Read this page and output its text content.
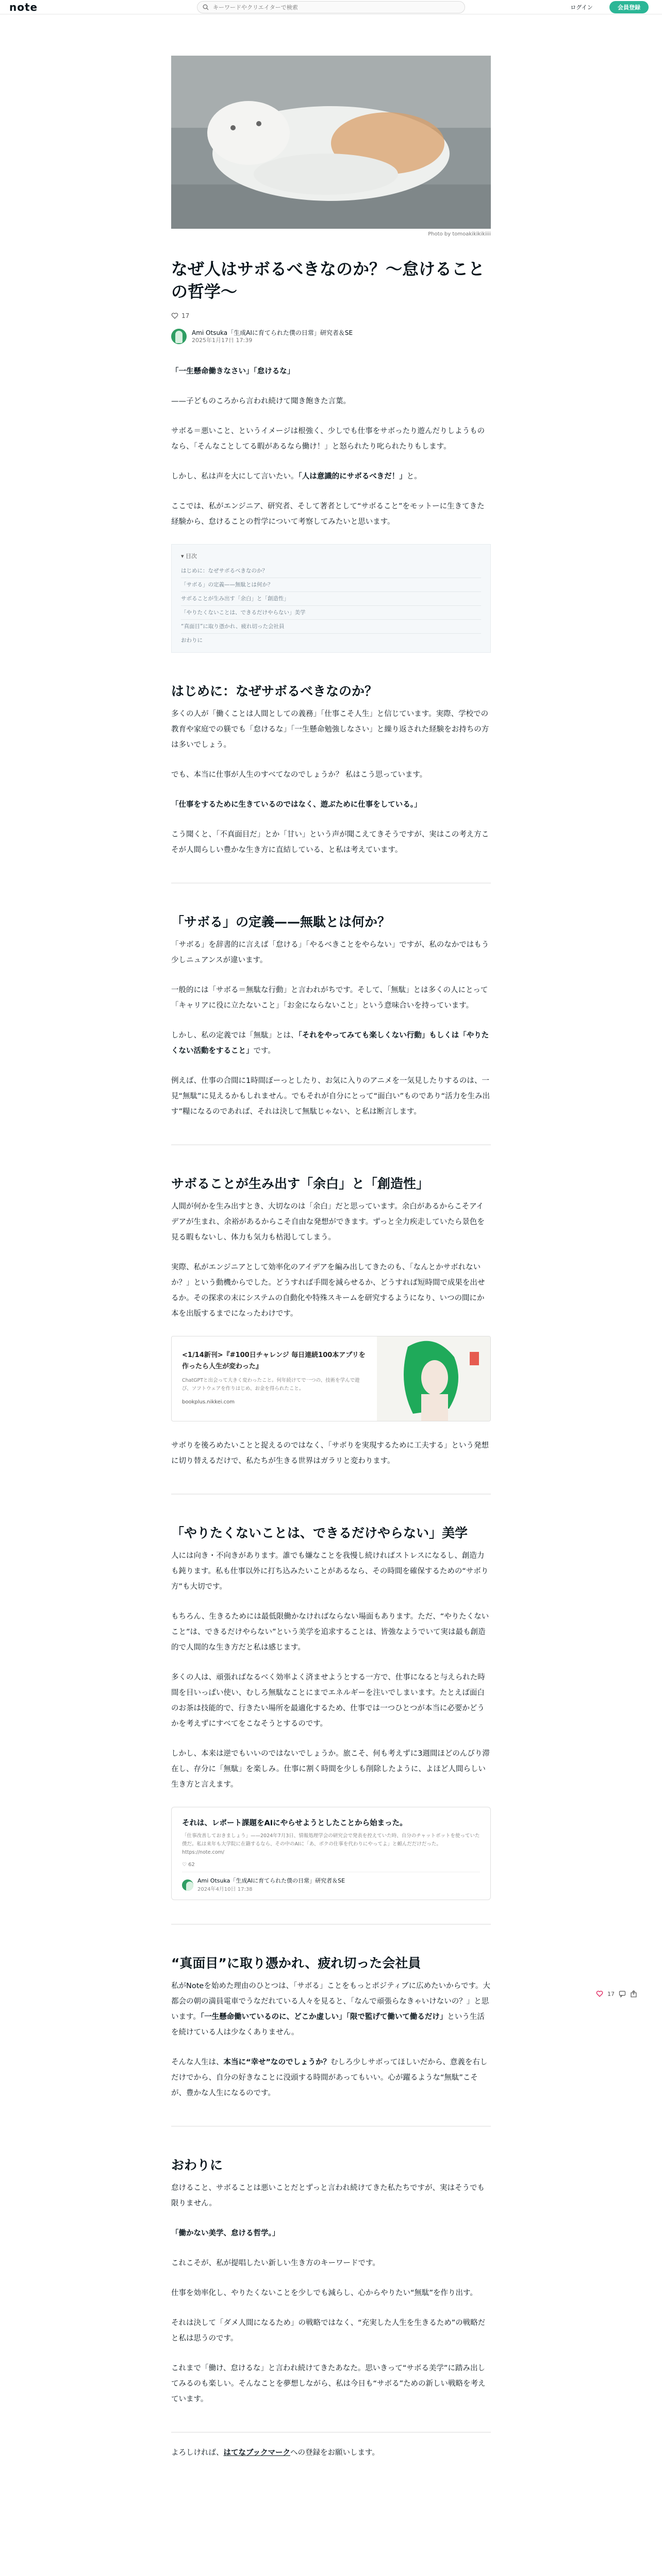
note
キーワードやクリエイターで検索	ログイン	会員登録
Photo by tomoakikikikiiii
なぜ人はサボるべきなのか？〜怠けることの哲学〜
17
Ami Otsuka「生成AIに育てられた僕の日常」研究者＆SE
2025年1月17日 17:39

「一生懸命働きなさい」「怠けるな」

——子どものころから言われ続けて聞き飽きた言葉。

サボる＝悪いこと、というイメージは根強く、少しでも仕事をサボったり遊んだりしようものなら、「そんなことしてる暇があるなら働け！」と怒られたり叱られたりもします。

しかし、私は声を大にして言いたい。「人は意識的にサボるべきだ！」と。

ここでは、私がエンジニア、研究者、そして著者として“サボること”をモットーに生きてきた経験から、怠けることの哲学について考察してみたいと思います。

▾ 目次
はじめに：なぜサボるべきなのか？
「サボる」の定義——無駄とは何か？
サボることが生み出す「余白」と「創造性」
「やりたくないことは、できるだけやらない」美学
“真面目”に取り憑かれ、疲れ切った会社員
おわりに
はじめに：なぜサボるべきなのか？

多くの人が「働くことは人間としての義務」「仕事こそ人生」と信じています。実際、学校での教育や家庭での躾でも「怠けるな」「一生懸命勉強しなさい」と繰り返された経験をお持ちの方は多いでしょう。

でも、本当に仕事が人生のすべてなのでしょうか？ 私はこう思っています。

「仕事をするために生きているのではなく、遊ぶために仕事をしている。」

こう聞くと、「不真面目だ」とか「甘い」という声が聞こえてきそうですが、実はこの考え方こそが人間らしい豊かな生き方に直結している、と私は考えています。

「サボる」の定義——無駄とは何か？

「サボる」を辞書的に言えば「怠ける」「やるべきことをやらない」ですが、私のなかではもう少しニュアンスが違います。

一般的には「サボる＝無駄な行動」と言われがちです。そして、「無駄」とは多くの人にとって「キャリアに役に立たないこと」「お金にならないこと」という意味合いを持っています。

しかし、私の定義では「無駄」とは、「それをやってみても楽しくない行動」もしくは「やりたくない活動をすること」です。

例えば、仕事の合間に1時間ぼーっとしたり、お気に入りのアニメを一気見したりするのは、一見“無駄”に見えるかもしれません。でもそれが自分にとって“面白い”ものであり“活力を生み出す”糧になるのであれば、それは決して無駄じゃない、と私は断言します。

サボることが生み出す「余白」と「創造性」

人間が何かを生み出すとき、大切なのは「余白」だと思っています。余白があるからこそアイデアが生まれ、余裕があるからこそ自由な発想ができます。ずっと全力疾走していたら景色を見る暇もないし、体力も気力も枯渇してしまう。

実際、私がエンジニアとして効率化のアイデアを編み出してきたのも、「なんとかサボれないか？」という動機からでした。どうすれば手間を減らせるか、どうすれば短時間で成果を出せるか。その探求の末にシステムの自動化や特殊スキームを研究するようになり、いつの間にか本を出版するまでになったわけです。

<1/14新刊>『#100日チャレンジ 毎日連続100本アプリを作ったら人生が変わった』
ChatGPTと出会って大きく変わったこと。何年続けてで一つの、技術を学んで遊び、ソフトウェアを作りはじめ、お金を得られたこと。
bookplus.nikkei.com

サボりを後ろめたいことと捉えるのではなく、「サボりを実現するために工夫する」という発想に切り替えるだけで、私たちが生きる世界はガラリと変わります。

「やりたくないことは、できるだけやらない」美学

人には向き・不向きがあります。誰でも嫌なことを我慢し続ければストレスになるし、創造力も鈍ります。私も仕事以外に打ち込みたいことがあるなら、その時間を確保するための“サボり方”も大切です。

もちろん、生きるためには最低限働かなければならない場面もあります。ただ、“やりたくないこと”は、できるだけやらない”という美学を追求することは、皆強なようでいて実は最も創造的で人間的な生き方だと私は感じます。

多くの人は、頑張ればなるべく効率よく済ませようとする一方で、仕事になると与えられた時間を目いっぱい使い、むしろ無駄なことにまでエネルギーを注いでしまいます。たとえば面白のお茶は技能的で、行きたい場所を最適化するため、仕事では一つひとつが本当に必要かどうかを考えずにすべてをこなそうとするのです。

しかし、本来は逆でもいいのではないでしょうか。旅こそ、何も考えずに3週間ほどのんびり滞在し、存分に「無駄」を楽しみ。仕事に割く時間を少しも削除したように、よほど人間らしい生き方と言えます。

それは、レポート課題をAIにやらせようとしたことから始まった。
「仕事改善しておきましょう」——2024年7月3日、情報処理学会の研究会で発表を控えていた時、自分のチャットボットを使っていた僕だ。私は来年も大学院に在籍するなら、その中のAIに「あ、ボクの仕事を代わりにやってよ」と頼んだだけだった。https://note.com/
♡ 62
Ami Otsuka「生成AIに育てられた僕の日常」研究者＆SE
2024年4月10日 17:38
“真面目”に取り憑かれ、疲れ切った会社員

私がNoteを始めた理由のひとつは、「サボる」ことをもっとポジティブに広めたいからです。大都会の朝の満員電車でうなだれている人々を見ると、「なんで頑張らなきゃいけないの？」と思います。「一生懸命働いているのに、どこか虚しい」「限で監げて働いて働るだけ」という生活を続けている人は少なくありません。

そんな人生は、本当に“幸せ”なのでしょうか？むしろ少しサボってほしいだから、意義を右しだけでから、自分の好きなことに没頭する時間があってもいい。心が躍るような“無駄”こそが、豊かな人生になるのです。

おわりに

怠けること、サボることは悪いことだとずっと言われ続けてきた私たちですが、実はそうでも限りません。

「働かない美学、怠ける哲学。」

これこそが、私が提唱したい新しい生き方のキーワードです。

仕事を効率化し、やりたくないことを少しでも減らし、心からやりたい“無駄”を作り出す。

それは決して「ダメ人間になるため」の戦略ではなく、“充実した人生を生きるため”の戦略だと私は思うのです。

これまで「働け、怠けるな」と言われ続けてきたあなた。思いきって“サボる美学”に踏み出してみるのも楽しい。そんなことを夢想しながら、私は今日も“サボる”ための新しい戦略を考えています。

よろしければ、はてなブックマークへの登録をお願いします。

17
